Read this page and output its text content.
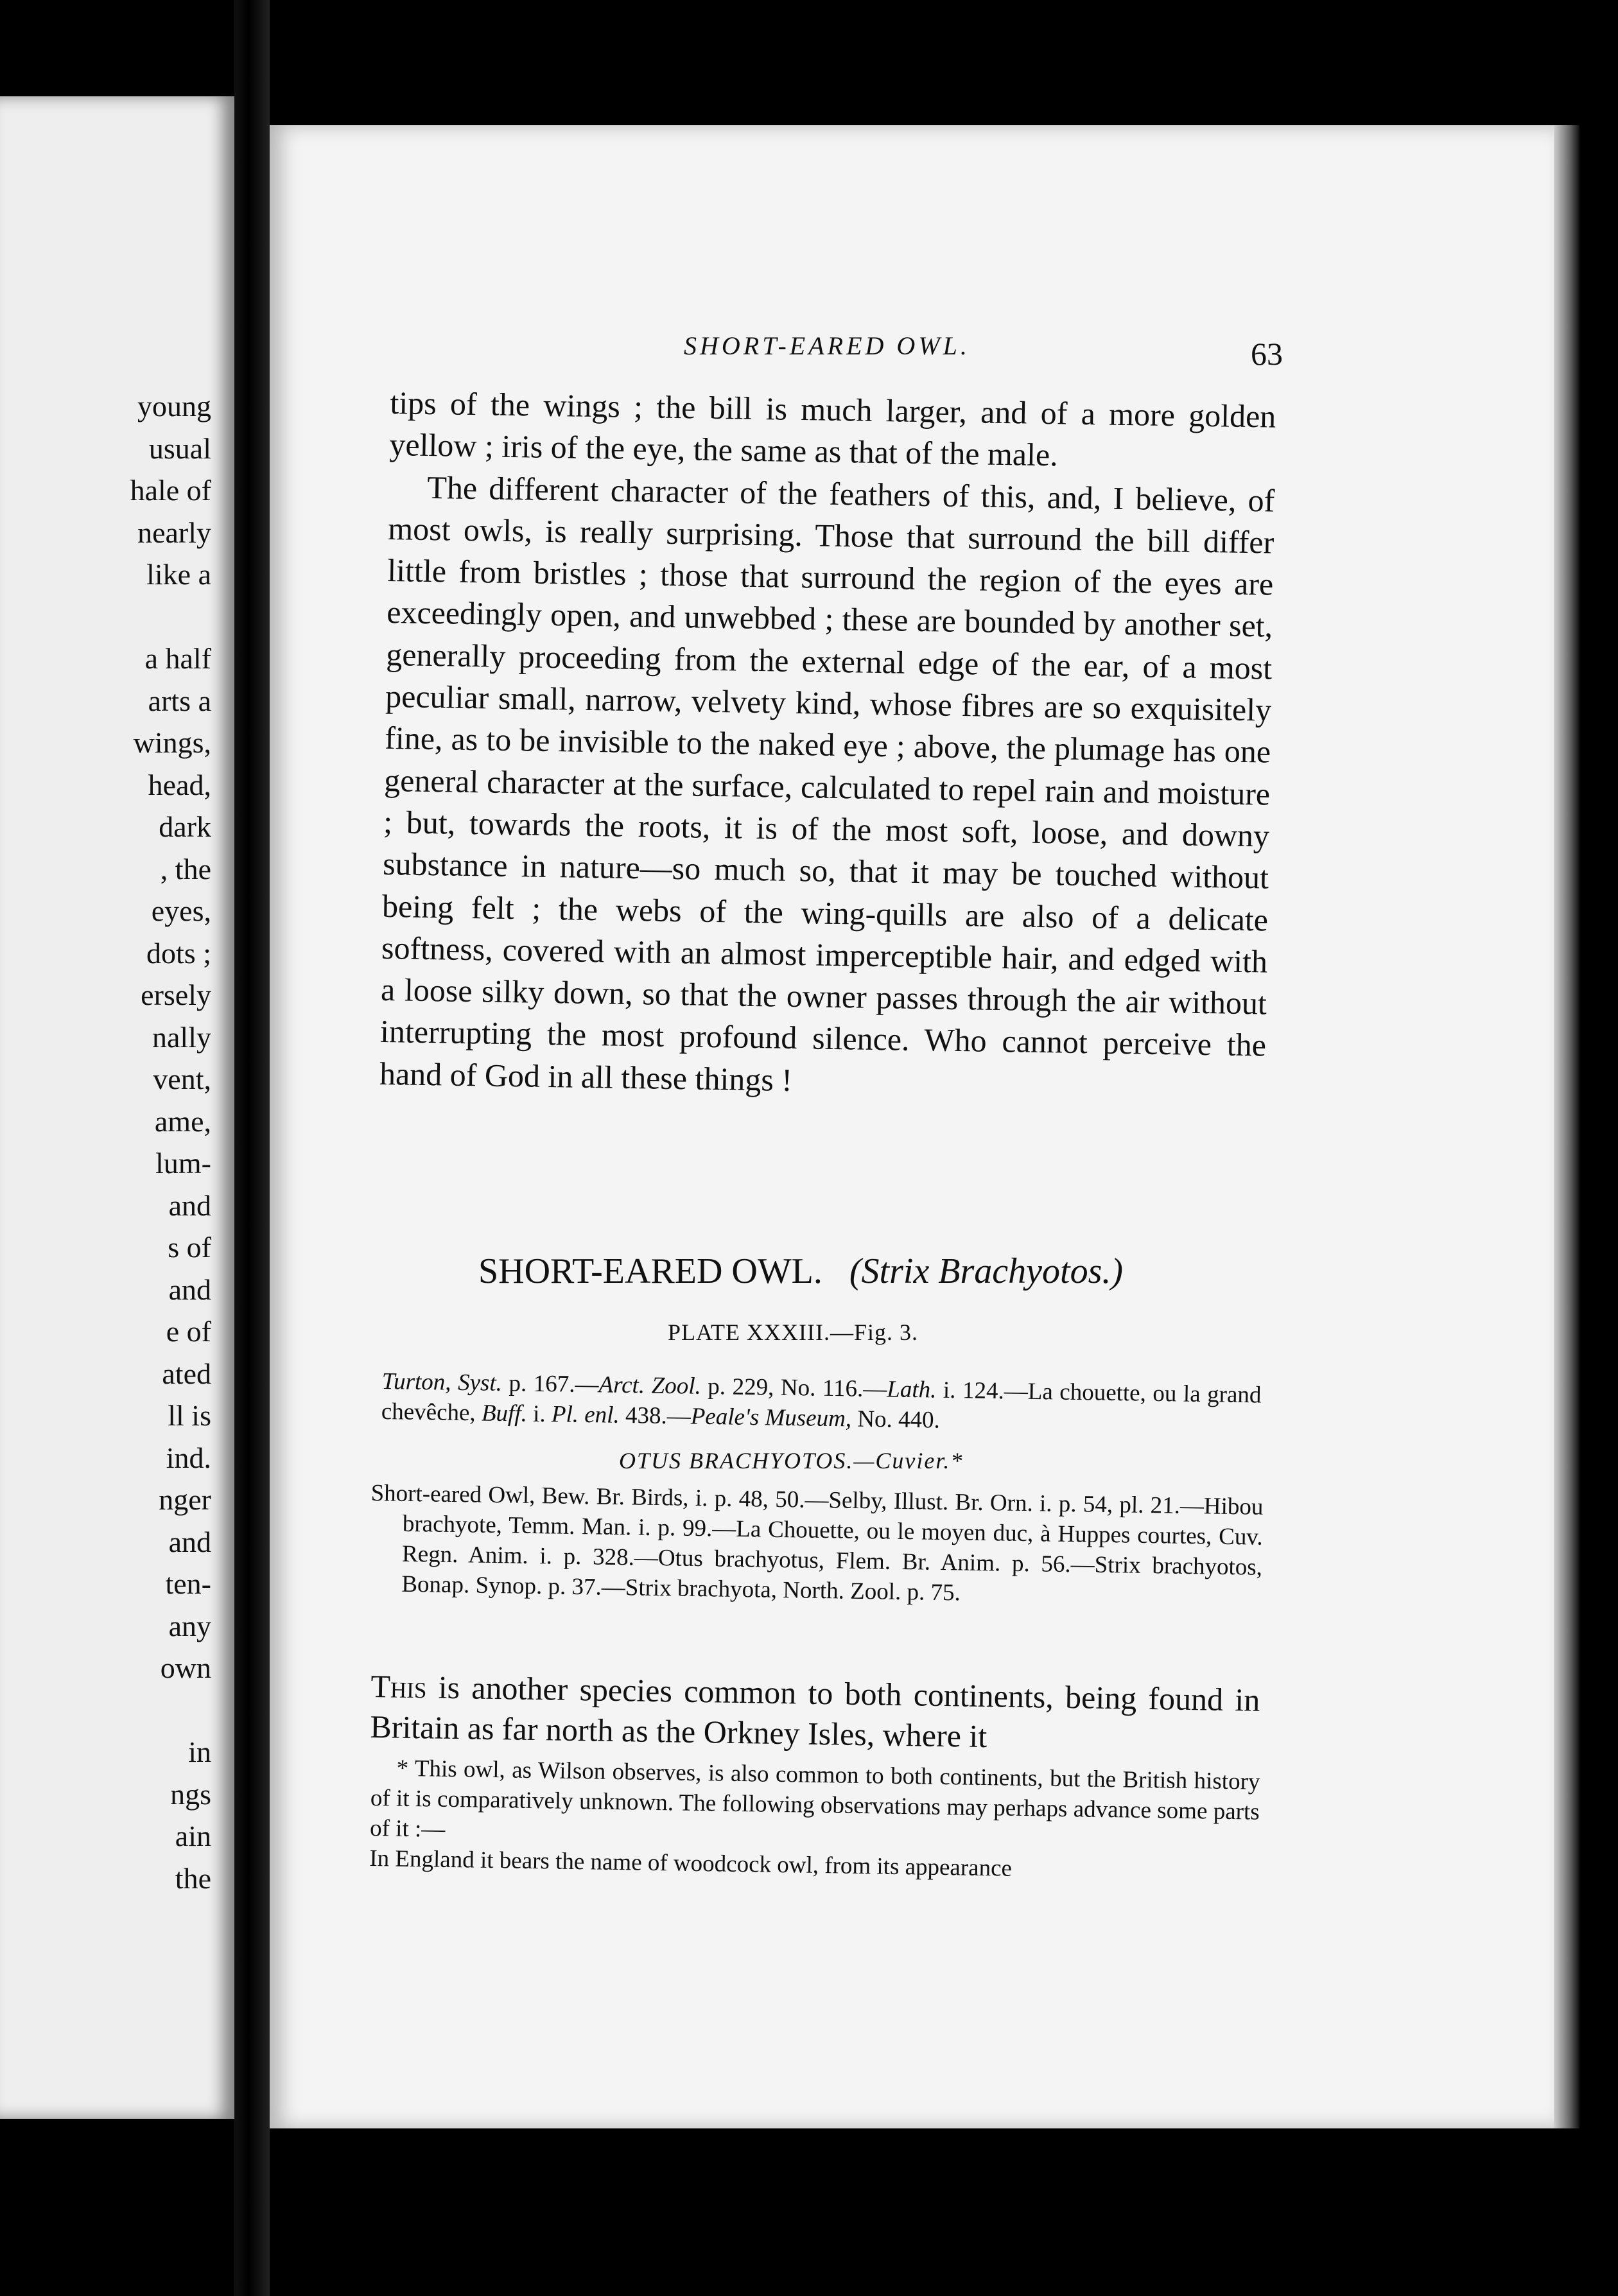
young
usual
hale of
nearly
like a
a half
arts a
wings,
head,
dark
, the
eyes,
dots ;
ersely
nally
vent,
ame,
lum-
and
s of
and
e of
ated
ll is
ind.
nger
and
ten-
any
own
in
ngs
ain
the
SHORT-EARED OWL.	63

tips of the wings ; the bill is much larger, and of a more golden yellow ; iris of the eye, the same as that of the male.

The different character of the feathers of this, and, I believe, of most owls, is really surprising. Those that surround the bill differ little from bristles ; those that surround the region of the eyes are exceedingly open, and unwebbed ; these are bounded by another set, generally proceeding from the external edge of the ear, of a most peculiar small, narrow, velvety kind, whose fibres are so exquisitely fine, as to be invisible to the naked eye ; above, the plumage has one general character at the surface, calculated to repel rain and moisture ; but, towards the roots, it is of the most soft, loose, and downy substance in nature—so much so, that it may be touched without being felt ; the webs of the wing-quills are also of a delicate softness, covered with an almost imperceptible hair, and edged with a loose silky down, so that the owner passes through the air without interrupting the most profound silence. Who cannot perceive the hand of God in all these things !

SHORT-EARED OWL. (Strix Brachyotos.)
PLATE XXXIII.—Fig. 3.
Turton, Syst. p. 167.—Arct. Zool. p. 229, No. 116.—Lath. i. 124.—La chouette, ou la grand chevêche, Buff. i. Pl. enl. 438.—Peale's Museum, No. 440.
OTUS BRACHYOTOS.—Cuvier.*
Short-eared Owl, Bew. Br. Birds, i. p. 48, 50.—Selby, Illust. Br. Orn. i. p. 54, pl. 21.—Hibou brachyote, Temm. Man. i. p. 99.—La Chouette, ou le moyen duc, à Huppes courtes, Cuv. Regn. Anim. i. p. 328.—Otus brachyotus, Flem. Br. Anim. p. 56.—Strix brachyotos, Bonap. Synop. p. 37.—Strix brachyota, North. Zool. p. 75.
This is another species common to both continents, being found in Britain as far north as the Orkney Isles, where it
* This owl, as Wilson observes, is also common to both continents, but the British history of it is comparatively unknown. The following observations may perhaps advance some parts of it :—
In England it bears the name of woodcock owl, from its appearance
